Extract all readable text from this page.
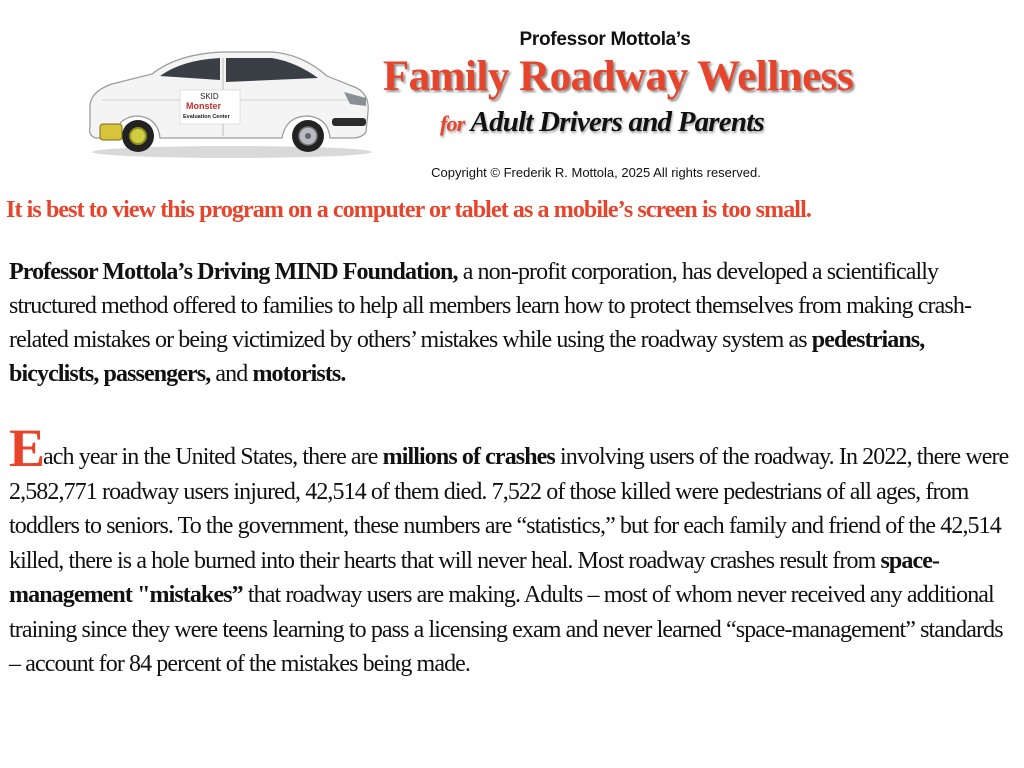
SKID
Monster
Evaluation Center
Professor Mottola’s
Family Roadway Wellness
for Adult Drivers and Parents
Copyright © Frederik R. Mottola, 2025 All rights reserved.
It is best to view this program on a computer or tablet as a mobile’s screen is too small.

Professor Mottola’s Driving MIND Foundation, a non-profit corporation, has developed a scientifically structured method offered to families to help all members learn how to protect themselves from making crash-related mistakes or being victimized by others’ mistakes while using the roadway system as pedestrians, bicyclists, passengers, and motorists.

Each year in the United States, there are millions of crashes involving users of the roadway. In 2022, there were 2,582,771 roadway users injured, 42,514 of them died. 7,522 of those killed were pedestrians of all ages, from toddlers to seniors. To the government, these numbers are “statistics,” but for each family and friend of the 42,514 killed, there is a hole burned into their hearts that will never heal. Most roadway crashes result from space-management "mistakes” that roadway users are making. Adults – most of whom never received any additional training since they were teens learning to pass a licensing exam and never learned “space-management” standards – account for 84 percent of the mistakes being made.
